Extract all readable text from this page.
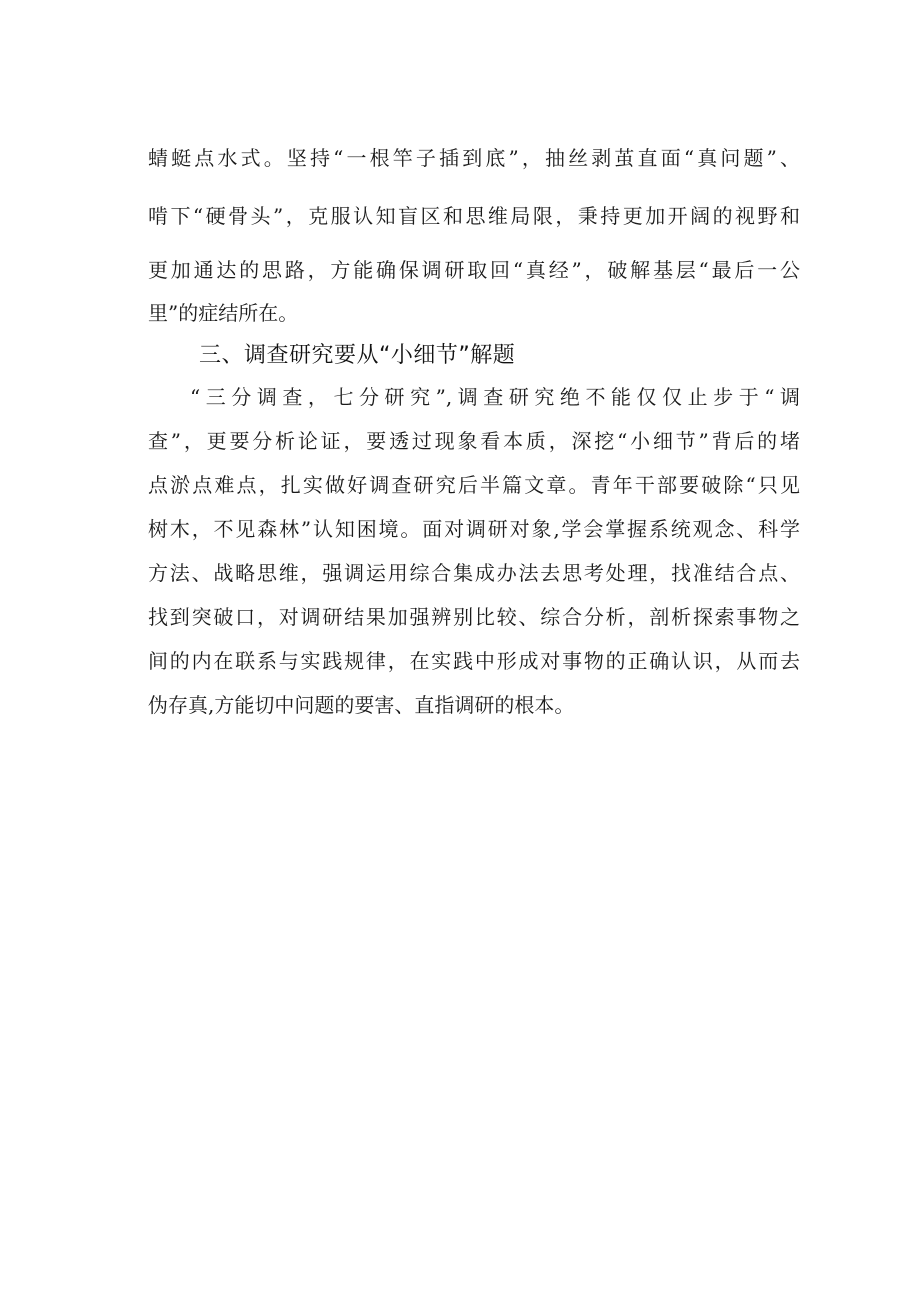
蜻蜓点水式。坚持“一根竿子插到底”，抽丝剥茧直面“真问题”、
啃下“硬骨头”，克服认知盲区和思维局限，秉持更加开阔的视野和
更加通达的思路，方能确保调研取回“真经”，破解基层“最后一公
里”的症结所在。
三、调查研究要从“小细节”解题
“三分调查，七分研究”,调查研究绝不能仅仅止步于“调
查”，更要分析论证，要透过现象看本质，深挖“小细节”背后的堵
点淤点难点，扎实做好调查研究后半篇文章。青年干部要破除“只见
树木，不见森林”认知困境。面对调研对象,学会掌握系统观念、科学
方法、战略思维，强调运用综合集成办法去思考处理，找准结合点、
找到突破口，对调研结果加强辨别比较、综合分析，剖析探索事物之
间的内在联系与实践规律，在实践中形成对事物的正确认识，从而去
伪存真,方能切中问题的要害、直指调研的根本。
